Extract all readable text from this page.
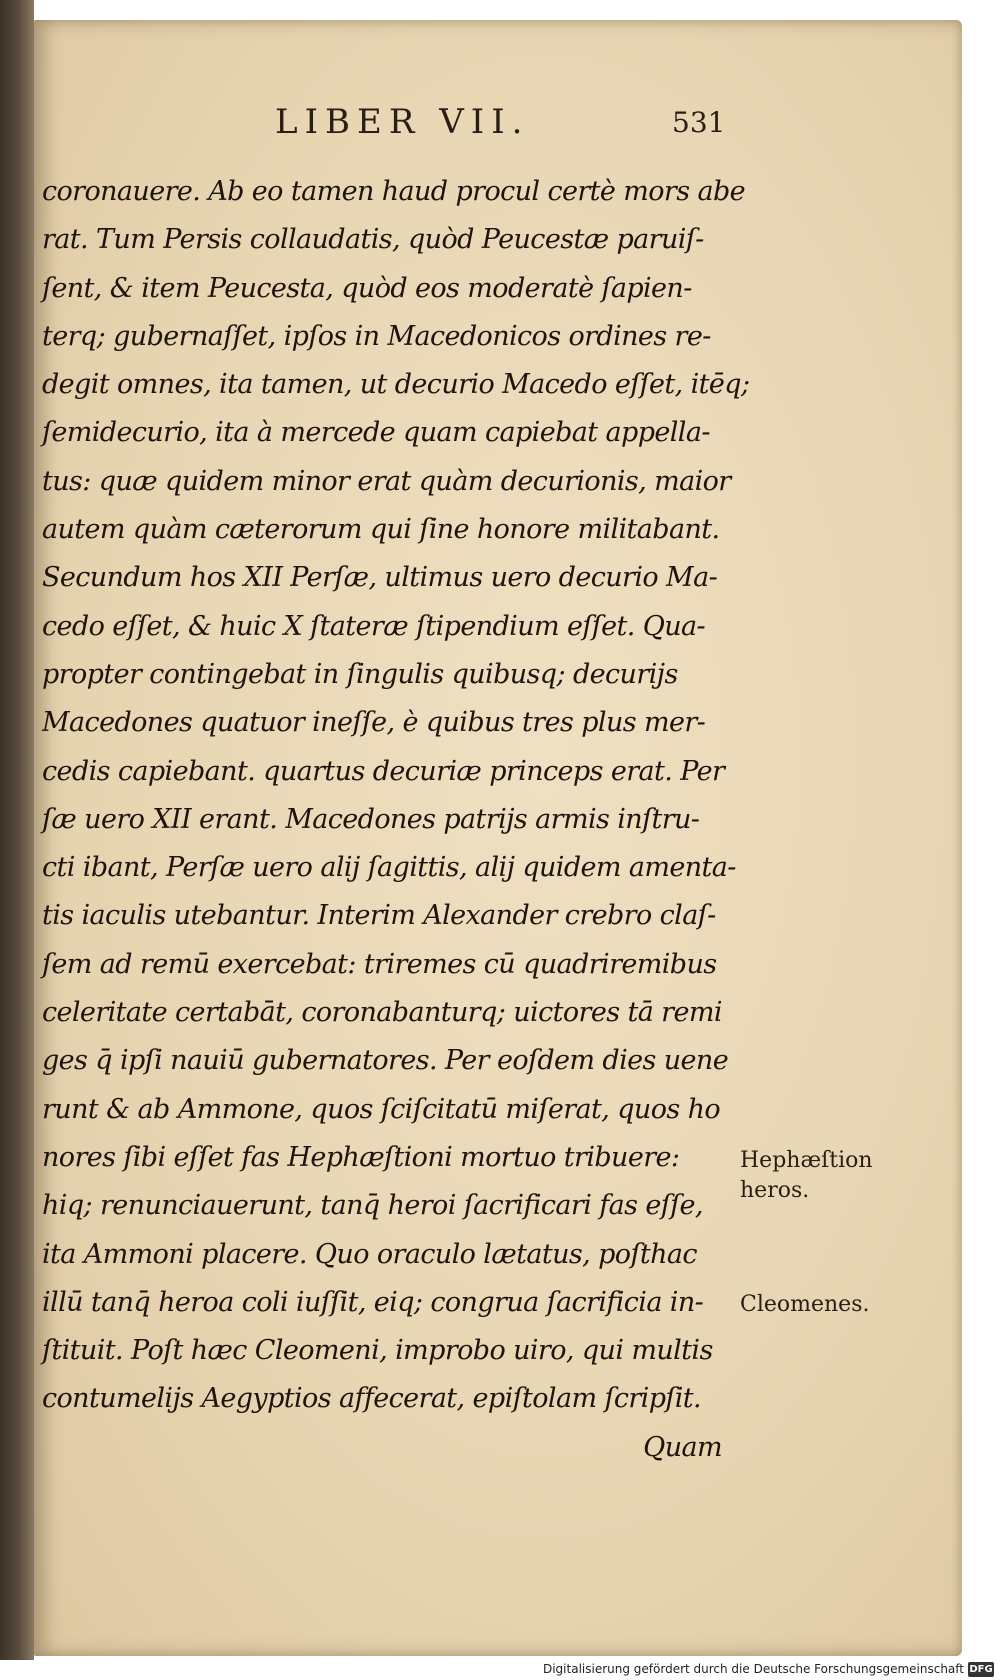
LIBER VII.	531
coronauere. Ab eo tamen haud procul certè mors abe
rat. Tum Persis collaudatis, quòd Peucestæ paruiſ-
ſent, & item Peucesta, quòd eos moderatè ſapien-
terq; gubernaſſet, ipſos in Macedonicos ordines re-
degit omnes, ita tamen, ut decurio Macedo eſſet, itēq;
ſemidecurio, ita à mercede quam capiebat appella-
tus: quæ quidem minor erat quàm decurionis, maior
autem quàm cæterorum qui ſine honore militabant.
Secundum hos XII Perſæ, ultimus uero decurio Ma-
cedo eſſet, & huic X ſtateræ ſtipendium eſſet. Qua-
propter contingebat in ſingulis quibusq; decurijs
Macedones quatuor ineſſe, è quibus tres plus mer-
cedis capiebant. quartus decuriæ princeps erat. Per
ſæ uero XII erant. Macedones patrijs armis inſtru-
cti ibant, Perſæ uero alij ſagittis, alij quidem amenta-
tis iaculis utebantur. Interim Alexander crebro claſ-
ſem ad remū exercebat: triremes cū quadriremibus
celeritate certabāt, coronabanturq; uictores tā remi
ges q̄ ipſi nauiū gubernatores. Per eoſdem dies uene
runt & ab Ammone, quos ſciſcitatū miſerat, quos ho
nores ſibi eſſet fas Hephæſtioni mortuo tribuere:
hiq; renunciauerunt, tanq̄ heroi ſacrificari fas eſſe,
ita Ammoni placere. Quo oraculo lætatus, poſthac
illū tanq̄ heroa coli iuſſit, eiq; congrua ſacrificia in-
ſtituit. Poſt hæc Cleomeni, improbo uiro, qui multis
contumelijs Aegyptios affecerat, epiſtolam ſcripſit.
Quam
Hephæſtion
heros.
Cleomenes.
Digitalisierung gefördert durch die Deutsche Forschungsgemeinschaft DFG
